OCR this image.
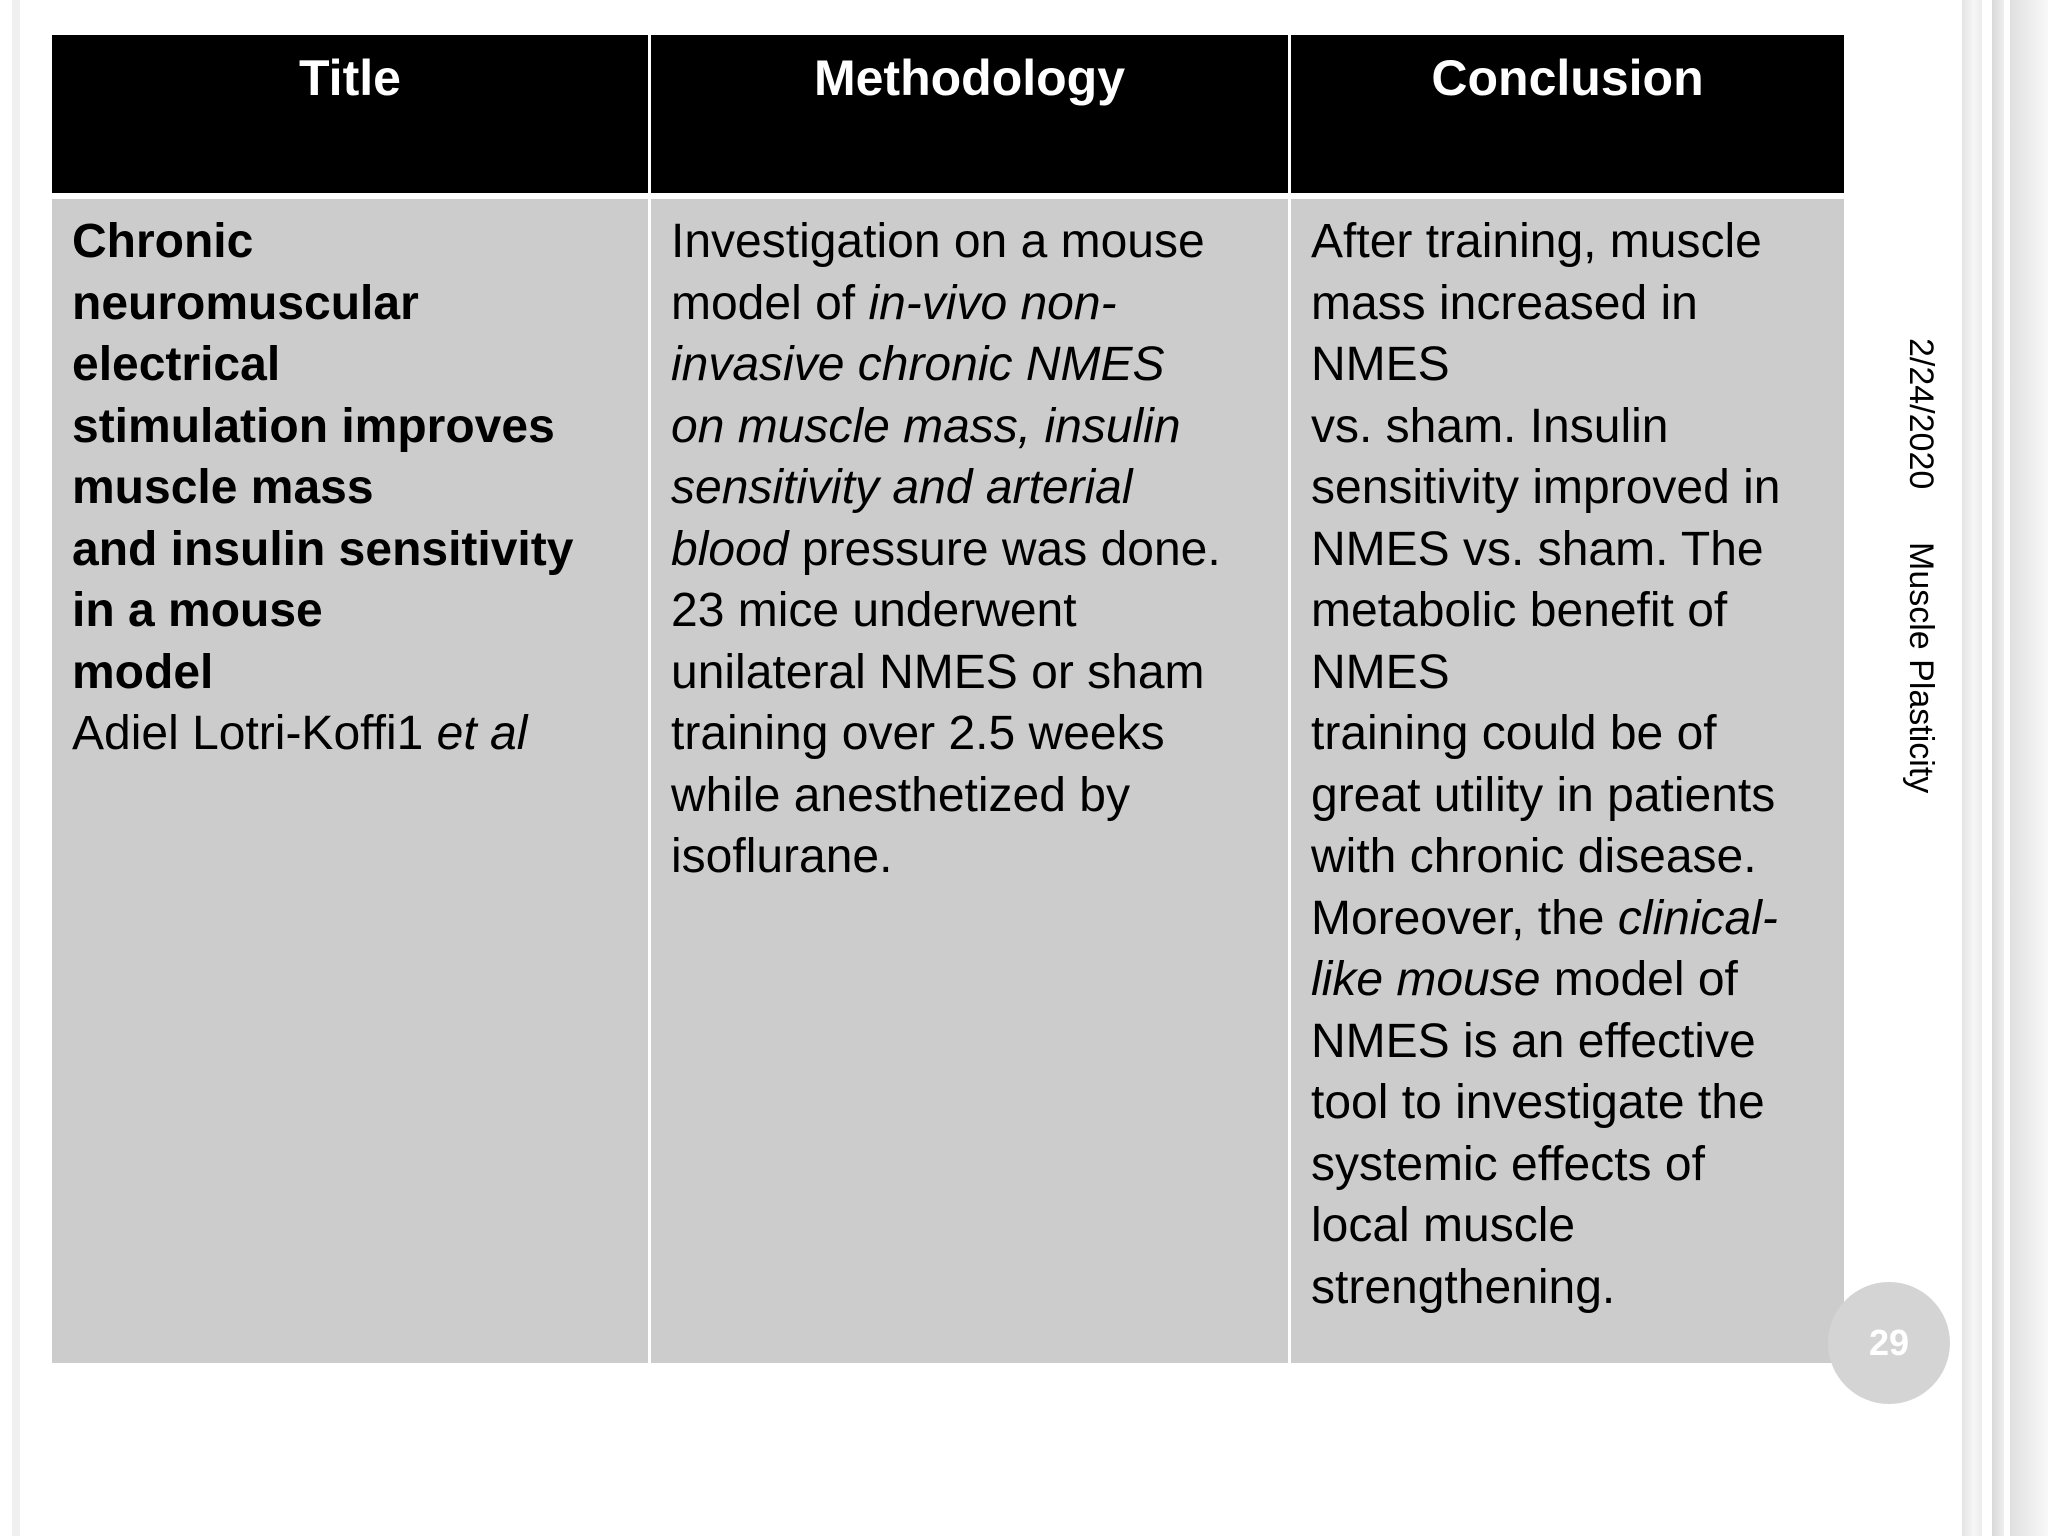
Title	Methodology	Conclusion
Chronic
neuromuscular
electrical
stimulation improves
muscle mass
and insulin sensitivity
in a mouse
model
Adiel Lotri-Koffi1 et al
Investigation on a mouse
model of in-vivo non-
invasive chronic NMES
on muscle mass, insulin
sensitivity and arterial
blood pressure was done.
23 mice underwent
unilateral NMES or sham
training over 2.5 weeks
while anesthetized by
isoflurane.
After training, muscle
mass increased in
NMES
vs. sham. Insulin
sensitivity improved in
NMES vs. sham. The
metabolic benefit of
NMES
training could be of
great utility in patients
with chronic disease.
Moreover, the clinical-
like mouse model of
NMES is an effective
tool to investigate the
systemic effects of
local muscle
strengthening.
2/24/2020
Muscle Plasticity
29
